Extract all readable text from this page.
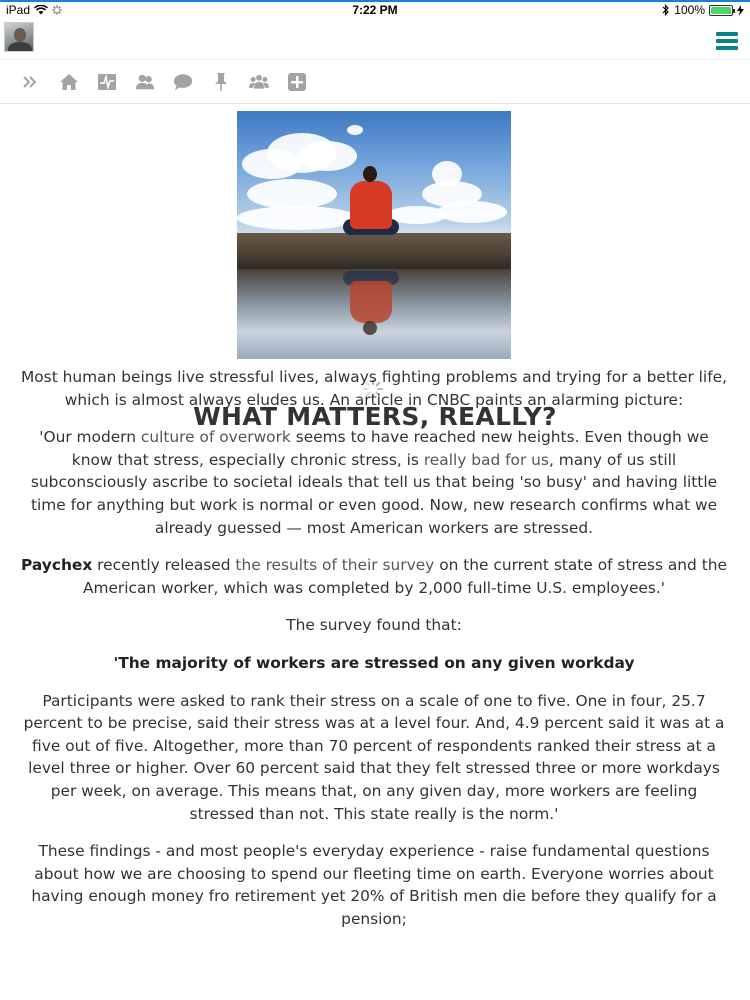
iPad	7:22 PM	100%
WHAT MATTERS, REALLY?

Most human beings live stressful lives, always fighting problems and trying for a better life, which is almost always eludes us. An article in CNBC paints an alarming picture:

'Our modern culture of overwork seems to have reached new heights. Even though we know that stress, especially chronic stress, is really bad for us, many of us still subconsciously ascribe to societal ideals that tell us that being 'so busy' and having little time for anything but work is normal or even good. Now, new research confirms what we already guessed — most American workers are stressed.

Paychex recently released the results of their survey on the current state of stress and the American worker, which was completed by 2,000 full-time U.S. employees.'

The survey found that:

'The majority of workers are stressed on any given workday

Participants were asked to rank their stress on a scale of one to five. One in four, 25.7 percent to be precise, said their stress was at a level four. And, 4.9 percent said it was at a five out of five. Altogether, more than 70 percent of respondents ranked their stress at a level three or higher. Over 60 percent said that they felt stressed three or more workdays per week, on average. This means that, on any given day, more workers are feeling stressed than not. This state really is the norm.'

These findings - and most people's everyday experience - raise fundamental questions about how we are choosing to spend our fleeting time on earth. Everyone worries about having enough money fro retirement yet 20% of British men die before they qualify for a pension;
